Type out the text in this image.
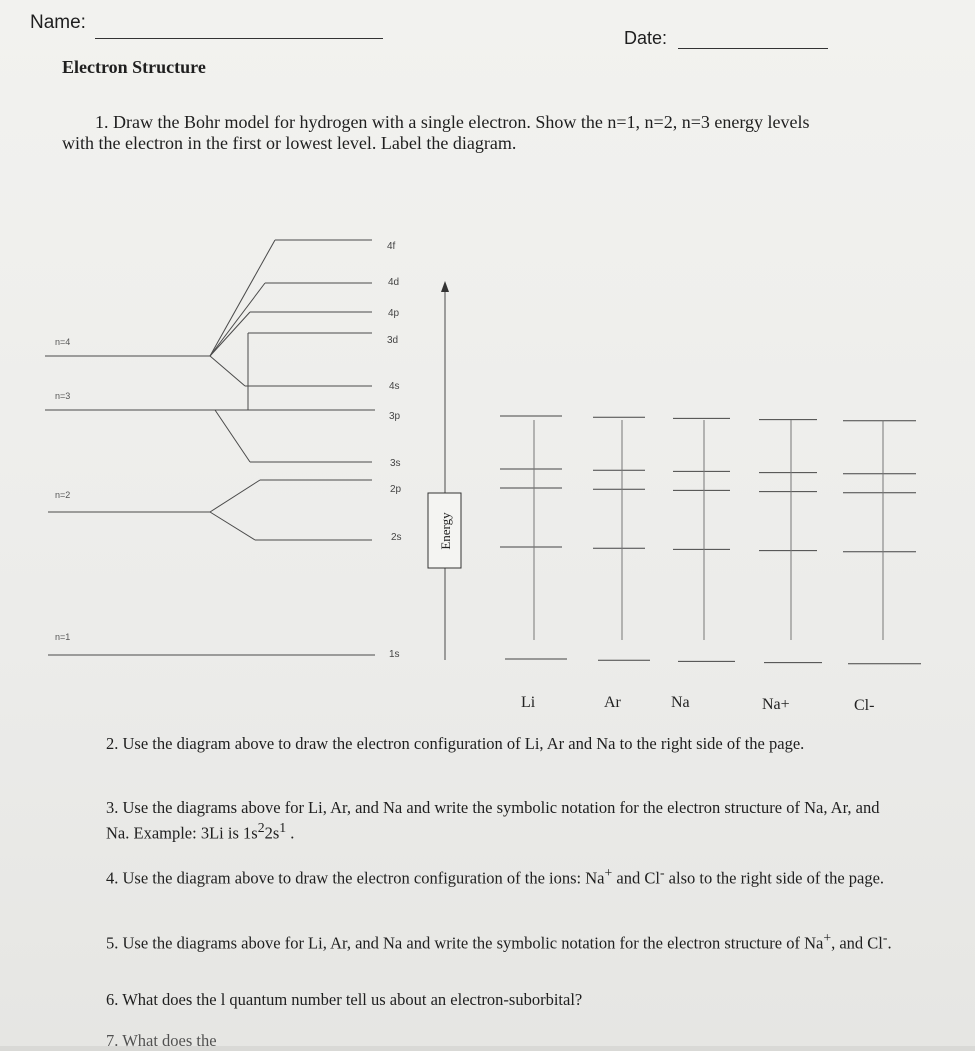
Name:
Date:
Electron Structure
1. Draw the Bohr model for hydrogen with a single electron. Show the n=1, n=2, n=3 energy levels
with the electron in the first or lowest level. Label the diagram.
n=4
n=3
n=2
n=1
4f
4d
4p
3d
4s
3p
3s
2p
2s
1s
Energy
Li	Ar	Na	Na+	Cl-
2. Use the diagram above to draw the electron configuration of Li, Ar and Na to the right side of the page.
3. Use the diagrams above for Li, Ar, and Na and write the symbolic notation for the electron structure of Na, Ar, and Na. Example: 3Li is $1s^22s^1$ .
4. Use the diagram above to draw the electron configuration of the ions: Na+ and Cl- also to the right side of the page.
5. Use the diagrams above for Li, Ar, and Na and write the symbolic notation for the electron structure of Na+, and Cl-.
6. What does the l quantum number tell us about an electron-suborbital?
7. What does the
